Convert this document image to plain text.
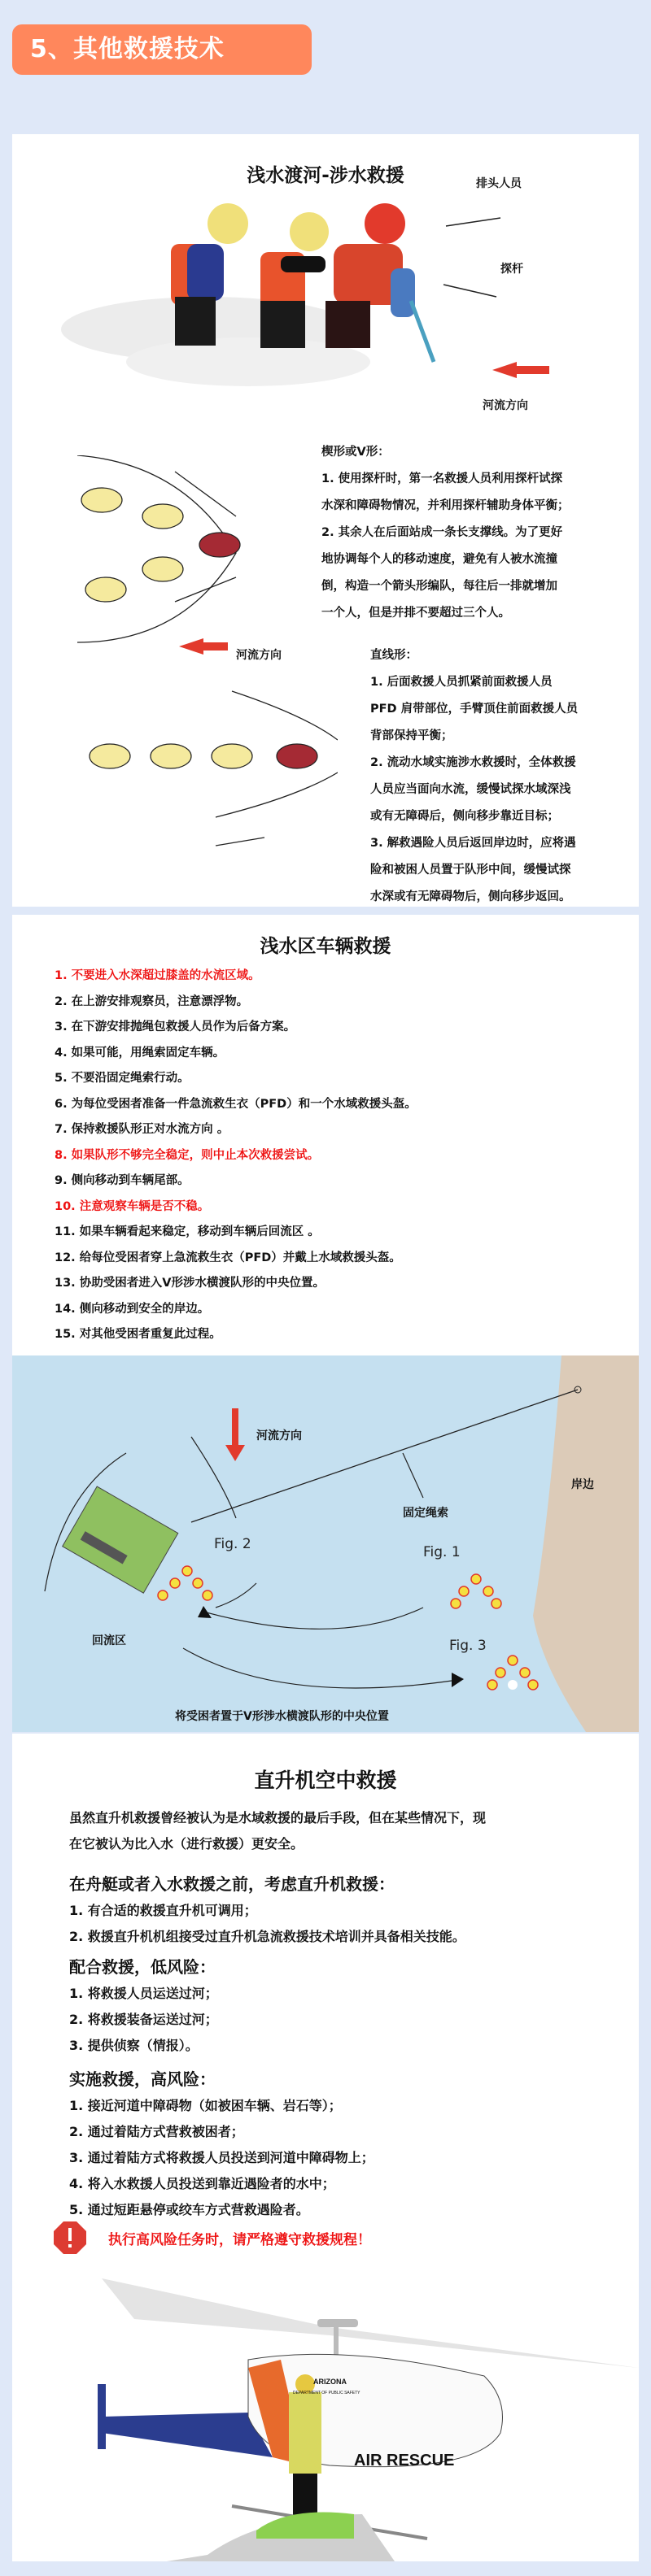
5、其他救援技术
浅水渡河-涉水救援	排头人员
探杆
河流方向
河流方向
楔形或V形：
1. 使用探杆时，第一名救援人员利用探杆试探
水深和障碍物情况，并利用探杆辅助身体平衡；
2. 其余人在后面站成一条长支撑线。为了更好
地协调每个人的移动速度，避免有人被水流撞
倒，构造一个箭头形编队，每往后一排就增加
一个人，但是并排不要超过三个人。
直线形：
1. 后面救援人员抓紧前面救援人员
PFD 肩带部位，手臂顶住前面救援人员
背部保持平衡；
2. 流动水域实施涉水救援时，全体救援
人员应当面向水流，缓慢试探水域深浅
或有无障碍后，侧向移步靠近目标；
3. 解救遇险人员后返回岸边时，应将遇
险和被困人员置于队形中间，缓慢试探
水深或有无障碍物后，侧向移步返回。
浅水区车辆救援
1. 不要进入水深超过膝盖的水流区域。
2. 在上游安排观察员，注意漂浮物。
3. 在下游安排抛绳包救援人员作为后备方案。
4. 如果可能，用绳索固定车辆。
5. 不要沿固定绳索行动。
6. 为每位受困者准备一件急流救生衣（PFD）和一个水域救援头盔。
7. 保持救援队形正对水流方向 。
8. 如果队形不够完全稳定，则中止本次救援尝试。
9. 侧向移动到车辆尾部。
10. 注意观察车辆是否不稳。
11. 如果车辆看起来稳定，移动到车辆后回流区 。
12. 给每位受困者穿上急流救生衣（PFD）并戴上水域救援头盔。
13. 协助受困者进入V形涉水横渡队形的中央位置。
14. 侧向移动到安全的岸边。
15. 对其他受困者重复此过程。
河流方向
固定绳索
岸边
回流区
Fig. 2	Fig. 1
Fig. 3
将受困者置于V形涉水横渡队形的中央位置
直升机空中救援
虽然直升机救援曾经被认为是水域救援的最后手段，但在某些情况下，现
在它被认为比入水（进行救援）更安全。
在舟艇或者入水救援之前，考虑直升机救援：
1. 有合适的救援直升机可调用；
2. 救援直升机机组接受过直升机急流救援技术培训并具备相关技能。
配合救援，低风险：
1. 将救援人员运送过河；
2. 将救援装备运送过河；
3. 提供侦察（情报）。
实施救援，高风险：
1. 接近河道中障碍物（如被困车辆、岩石等）；
2. 通过着陆方式营救被困者；
3. 通过着陆方式将救援人员投送到河道中障碍物上；
4. 将入水救援人员投送到靠近遇险者的水中；
5. 通过短距悬停或绞车方式营救遇险者。
执行高风险任务时，请严格遵守救援规程！
AIR RESCUE
ARIZONA
DEPARTMENT OF PUBLIC SAFETY
